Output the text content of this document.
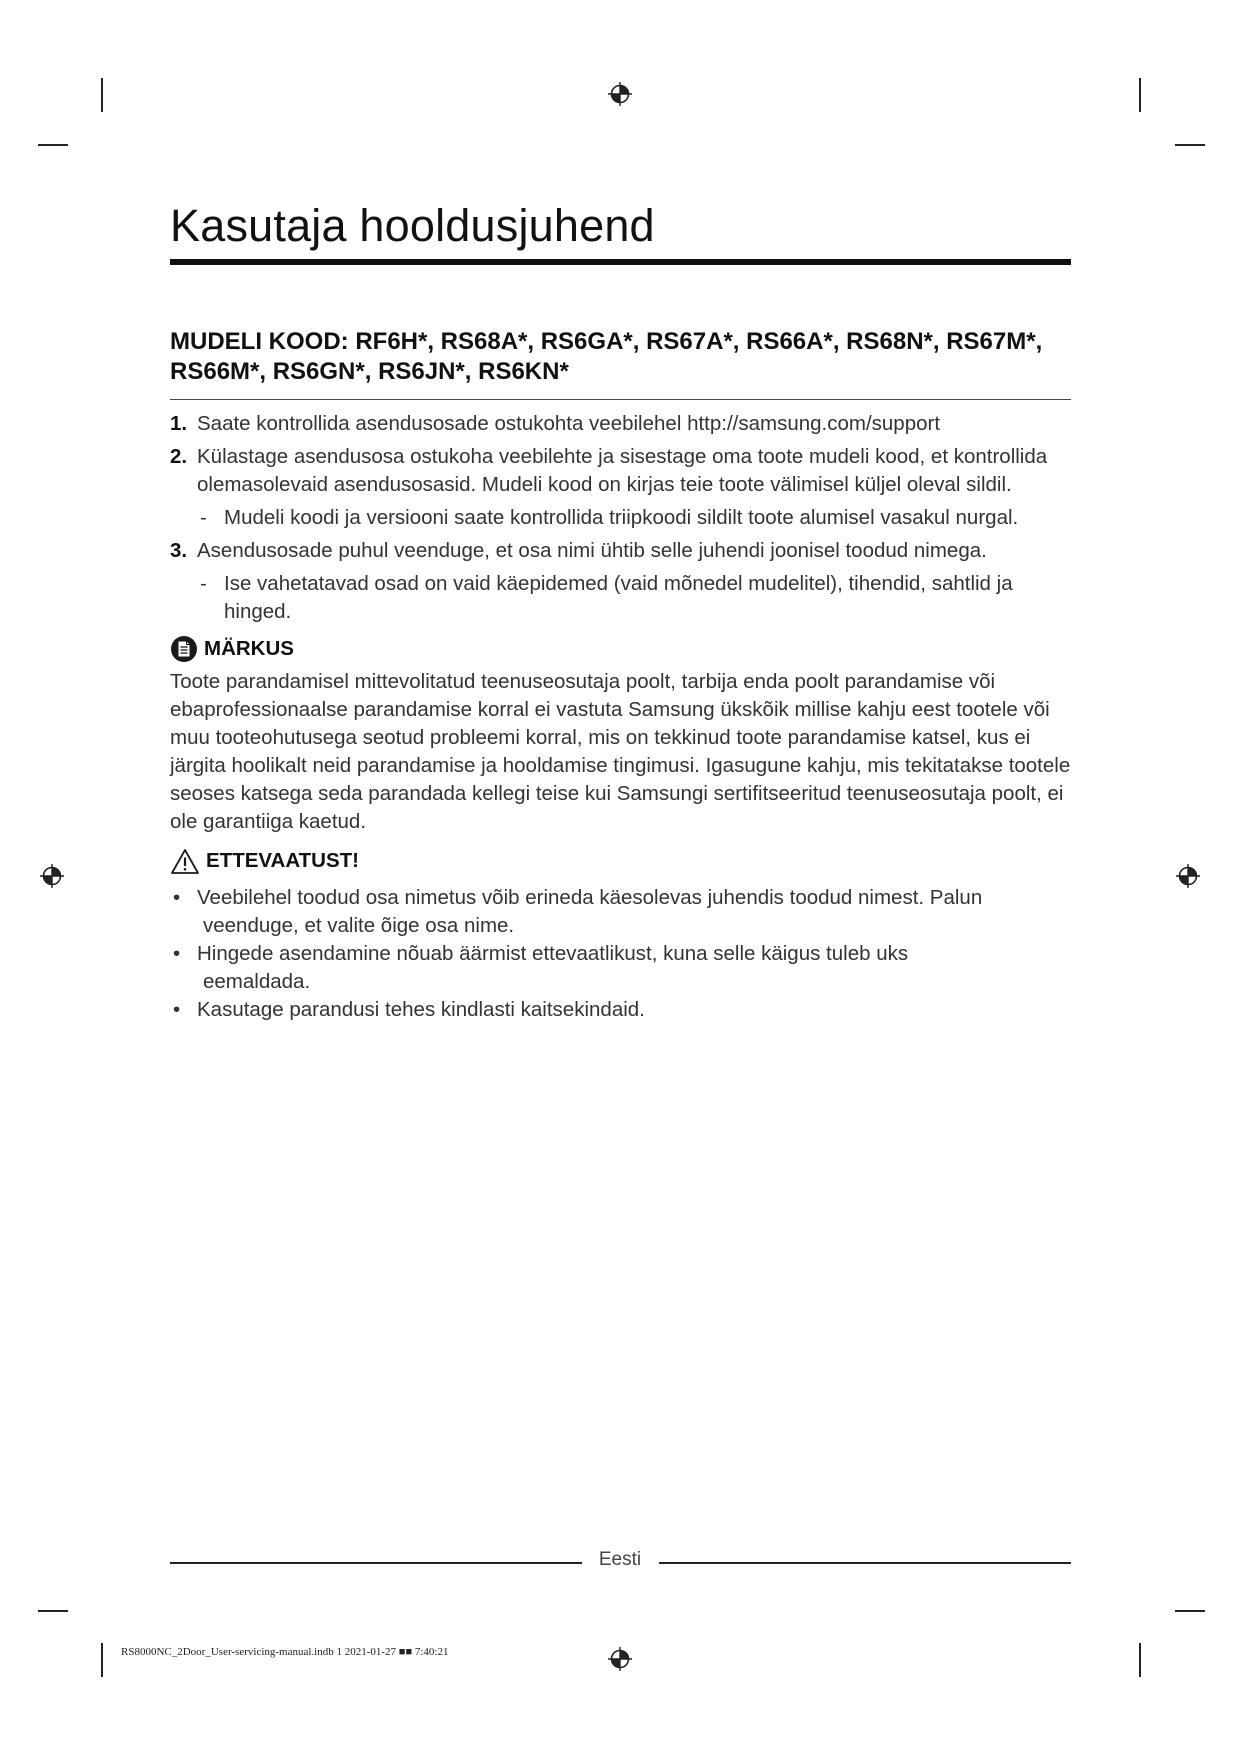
Kasutaja hooldusjuhend
MUDELI KOOD: RF6H*, RS68A*, RS6GA*, RS67A*, RS66A*, RS68N*, RS67M*,
RS66M*, RS6GN*, RS6JN*, RS6KN*
1. Saate kontrollida asendusosade ostukohta veebilehel http://samsung.com/support
2. Külastage asendusosa ostukoha veebilehte ja sisestage oma toote mudeli kood, et kontrollida olemasolevaid asendusosasid. Mudeli kood on kirjas teie toote välimisel küljel oleval sildil.
- Mudeli koodi ja versiooni saate kontrollida triipkoodi sildilt toote alumisel vasakul nurgal.
3. Asendusosade puhul veenduge, et osa nimi ühtib selle juhendi joonisel toodud nimega.
- Ise vahetatavad osad on vaid käepidemed (vaid mõnedel mudelitel), tihendid, sahtlid ja hinged.
MÄRKUS

Toote parandamisel mittevolitatud teenuseosutaja poolt, tarbija enda poolt parandamise või ebaprofessionaalse parandamise korral ei vastuta Samsung ükskõik millise kahju eest tootele või muu tooteohutusega seotud probleemi korral, mis on tekkinud toote parandamise katsel, kus ei järgita hoolikalt neid parandamise ja hooldamise tingimusi. Igasugune kahju, mis tekitatakse tootele seoses katsega seda parandada kellegi teise kui Samsungi sertifitseeritud teenuseosutaja poolt, ei ole garantiiga kaetud.

ETTEVAATUST!
• Veebilehel toodud osa nimetus võib erineda käesolevas juhendis toodud nimest. Palun
veenduge, et valite õige osa nime.
• Hingede asendamine nõuab äärmist ettevaatlikust, kuna selle käigus tuleb uks
eemaldada.
• Kasutage parandusi tehes kindlasti kaitsekindaid.
Eesti
RS8000NC_2Door_User-servicing-manual.indb 1 2021-01-27 ■■ 7:40:21
